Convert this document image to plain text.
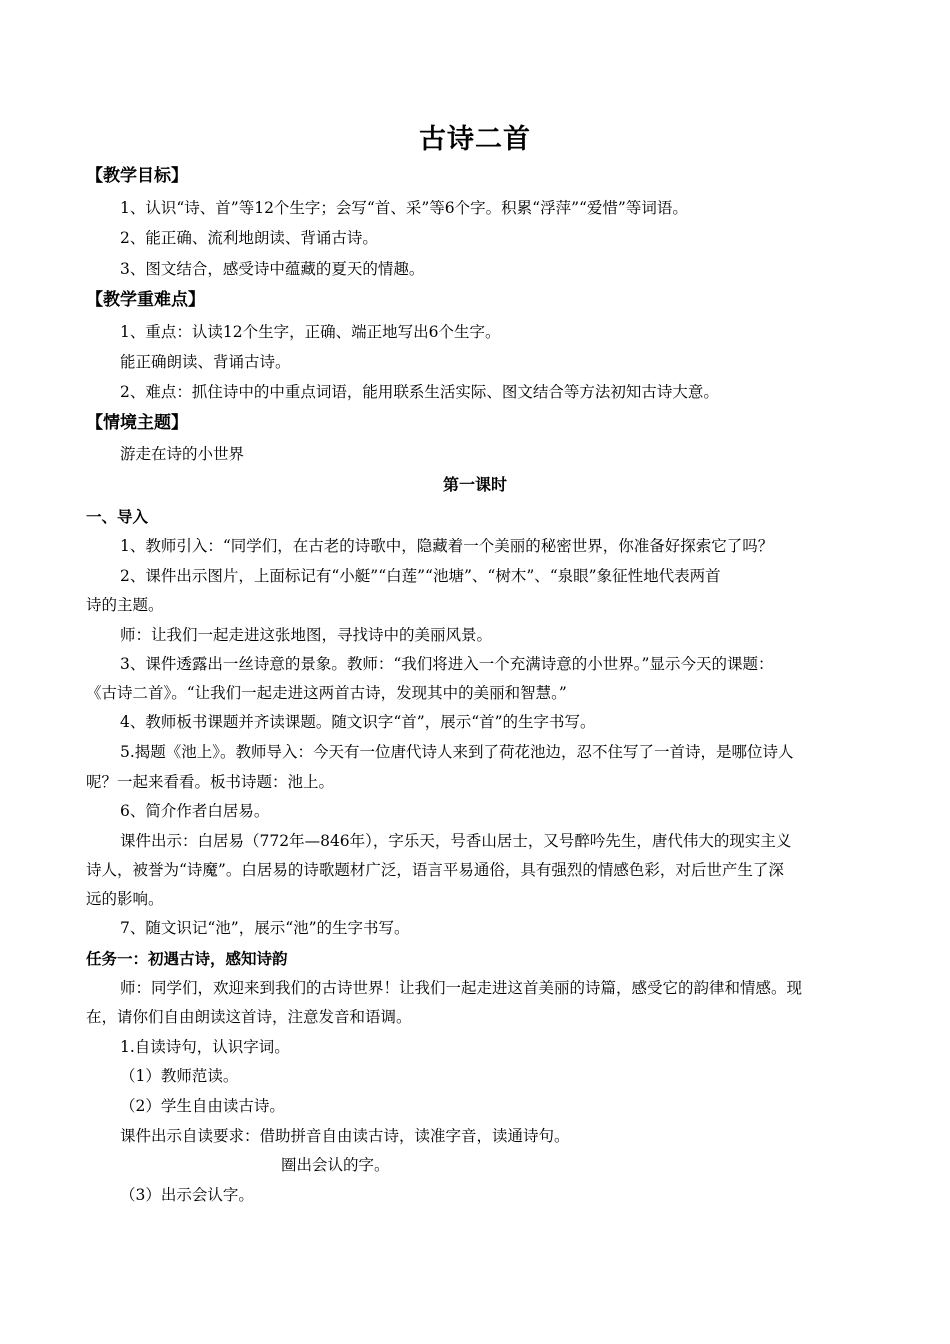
古诗二首
【教学目标】
1、认识“诗、首”等12个生字；会写“首、采”等6个字。积累“浮萍”“爱惜”等词语。
2、能正确、流利地朗读、背诵古诗。
3、图文结合，感受诗中蕴藏的夏天的情趣。
【教学重难点】
1、重点：认读12个生字，正确、端正地写出6个生字。
能正确朗读、背诵古诗。
2、难点：抓住诗中的中重点词语，能用联系生活实际、图文结合等方法初知古诗大意。
【情境主题】
游走在诗的小世界
第一课时
一、导入
1、教师引入：“同学们，在古老的诗歌中，隐藏着一个美丽的秘密世界，你准备好探索它了吗？
2、课件出示图片，上面标记有“小艇”“白莲”“池塘”、“树木”、“泉眼”象征性地代表两首
诗的主题。
师：让我们一起走进这张地图，寻找诗中的美丽风景。
3、课件透露出一丝诗意的景象。教师：“我们将进入一个充满诗意的小世界。”显示今天的课题：
《古诗二首》。“让我们一起走进这两首古诗，发现其中的美丽和智慧。”
4、教师板书课题并齐读课题。随文识字“首”，展示“首”的生字书写。
5.揭题《池上》。教师导入：今天有一位唐代诗人来到了荷花池边，忍不住写了一首诗，是哪位诗人
呢？一起来看看。板书诗题：池上。
6、简介作者白居易。
课件出示：白居易（772年—846年），字乐天，号香山居士，又号醉吟先生，唐代伟大的现实主义
诗人，被誉为“诗魔”。白居易的诗歌题材广泛，语言平易通俗，具有强烈的情感色彩，对后世产生了深
远的影响。
7、随文识记“池”，展示“池”的生字书写。
任务一：初遇古诗，感知诗韵
师：同学们，欢迎来到我们的古诗世界！让我们一起走进这首美丽的诗篇，感受它的韵律和情感。现
在，请你们自由朗读这首诗，注意发音和语调。
1.自读诗句，认识字词。
（1）教师范读。
（2）学生自由读古诗。
课件出示自读要求：借助拼音自由读古诗，读准字音，读通诗句。
圈出会认的字。
（3）出示会认字。
